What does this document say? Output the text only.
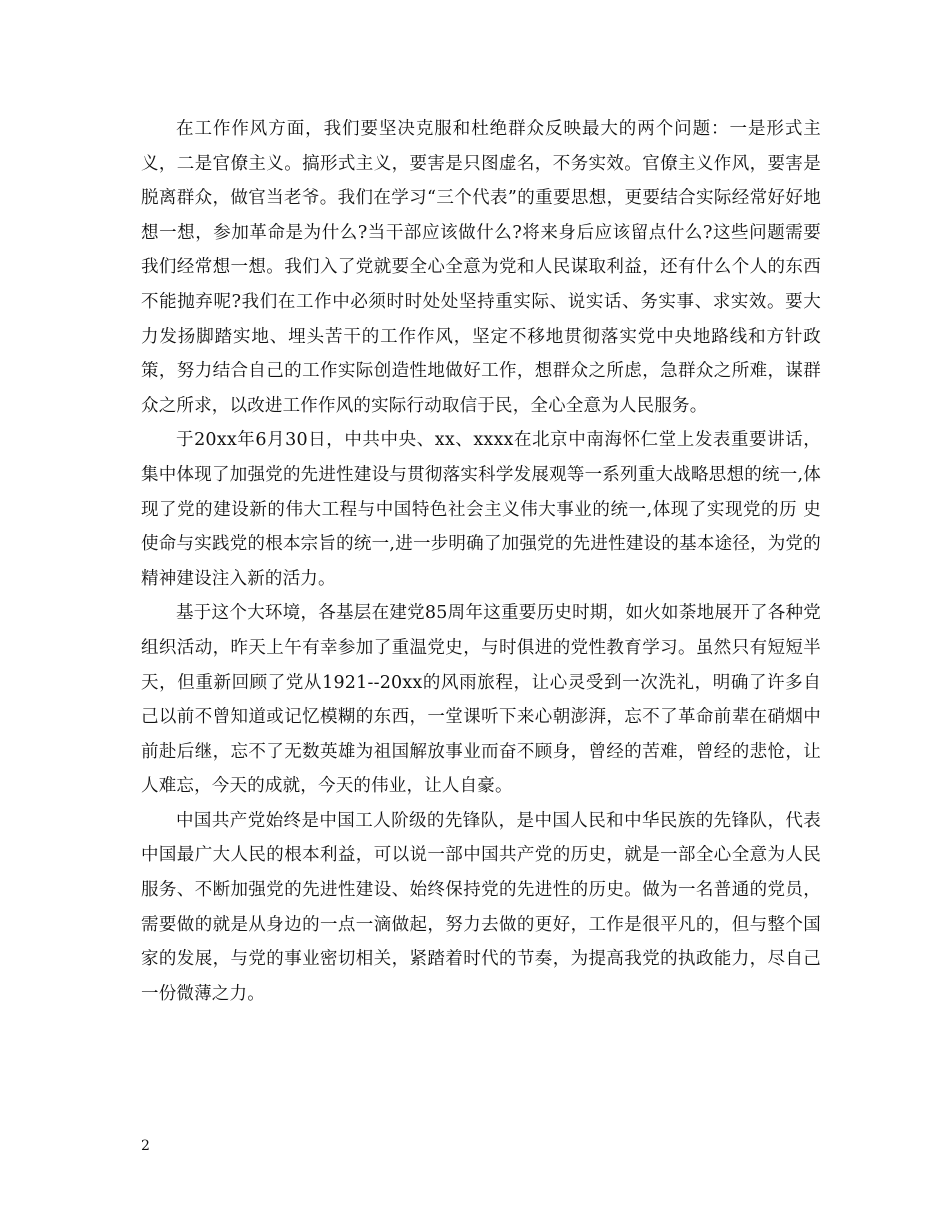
在工作作风方面，我们要坚决克服和杜绝群众反映最大的两个问题：一是形式主义，二是官僚主义。搞形式主义，要害是只图虚名，不务实效。官僚主义作风，要害是脱离群众，做官当老爷。我们在学习“三个代表”的重要思想，更要结合实际经常好好地想一想，参加革命是为什么?当干部应该做什么?将来身后应该留点什么?这些问题需要我们经常想一想。我们入了党就要全心全意为党和人民谋取利益，还有什么个人的东西不能抛弃呢?我们在工作中必须时时处处坚持重实际、说实话、务实事、求实效。要大力发扬脚踏实地、埋头苦干的工作作风，坚定不移地贯彻落实党中央地路线和方针政策，努力结合自己的工作实际创造性地做好工作，想群众之所虑，急群众之所难，谋群众之所求，以改进工作作风的实际行动取信于民，全心全意为人民服务。

于20xx年6月30日，中共中央、xx、xxxx在北京中南海怀仁堂上发表重要讲话，集中体现了加强党的先进性建设与贯彻落实科学发展观等一系列重大战略思想的统一,体现了党的建设新的伟大工程与中国特色社会主义伟大事业的统一,体现了实现党的历 史使命与实践党的根本宗旨的统一,进一步明确了加强党的先进性建设的基本途径，为党的精神建设注入新的活力。

基于这个大环境，各基层在建党85周年这重要历史时期，如火如荼地展开了各种党组织活动，昨天上午有幸参加了重温党史，与时俱进的党性教育学习。虽然只有短短半天，但重新回顾了党从1921--20xx的风雨旅程，让心灵受到一次洗礼，明确了许多自己以前不曾知道或记忆模糊的东西，一堂课听下来心朝澎湃，忘不了革命前辈在硝烟中前赴后继，忘不了无数英雄为祖国解放事业而奋不顾身，曾经的苦难，曾经的悲怆，让人难忘，今天的成就，今天的伟业，让人自豪。

中国共产党始终是中国工人阶级的先锋队，是中国人民和中华民族的先锋队，代表中国最广大人民的根本利益，可以说一部中国共产党的历史，就是一部全心全意为人民服务、不断加强党的先进性建设、始终保持党的先进性的历史。做为一名普通的党员，需要做的就是从身边的一点一滴做起，努力去做的更好，工作是很平凡的，但与整个国家的发展，与党的事业密切相关，紧踏着时代的节奏，为提高我党的执政能力，尽自己一份微薄之力。

2
